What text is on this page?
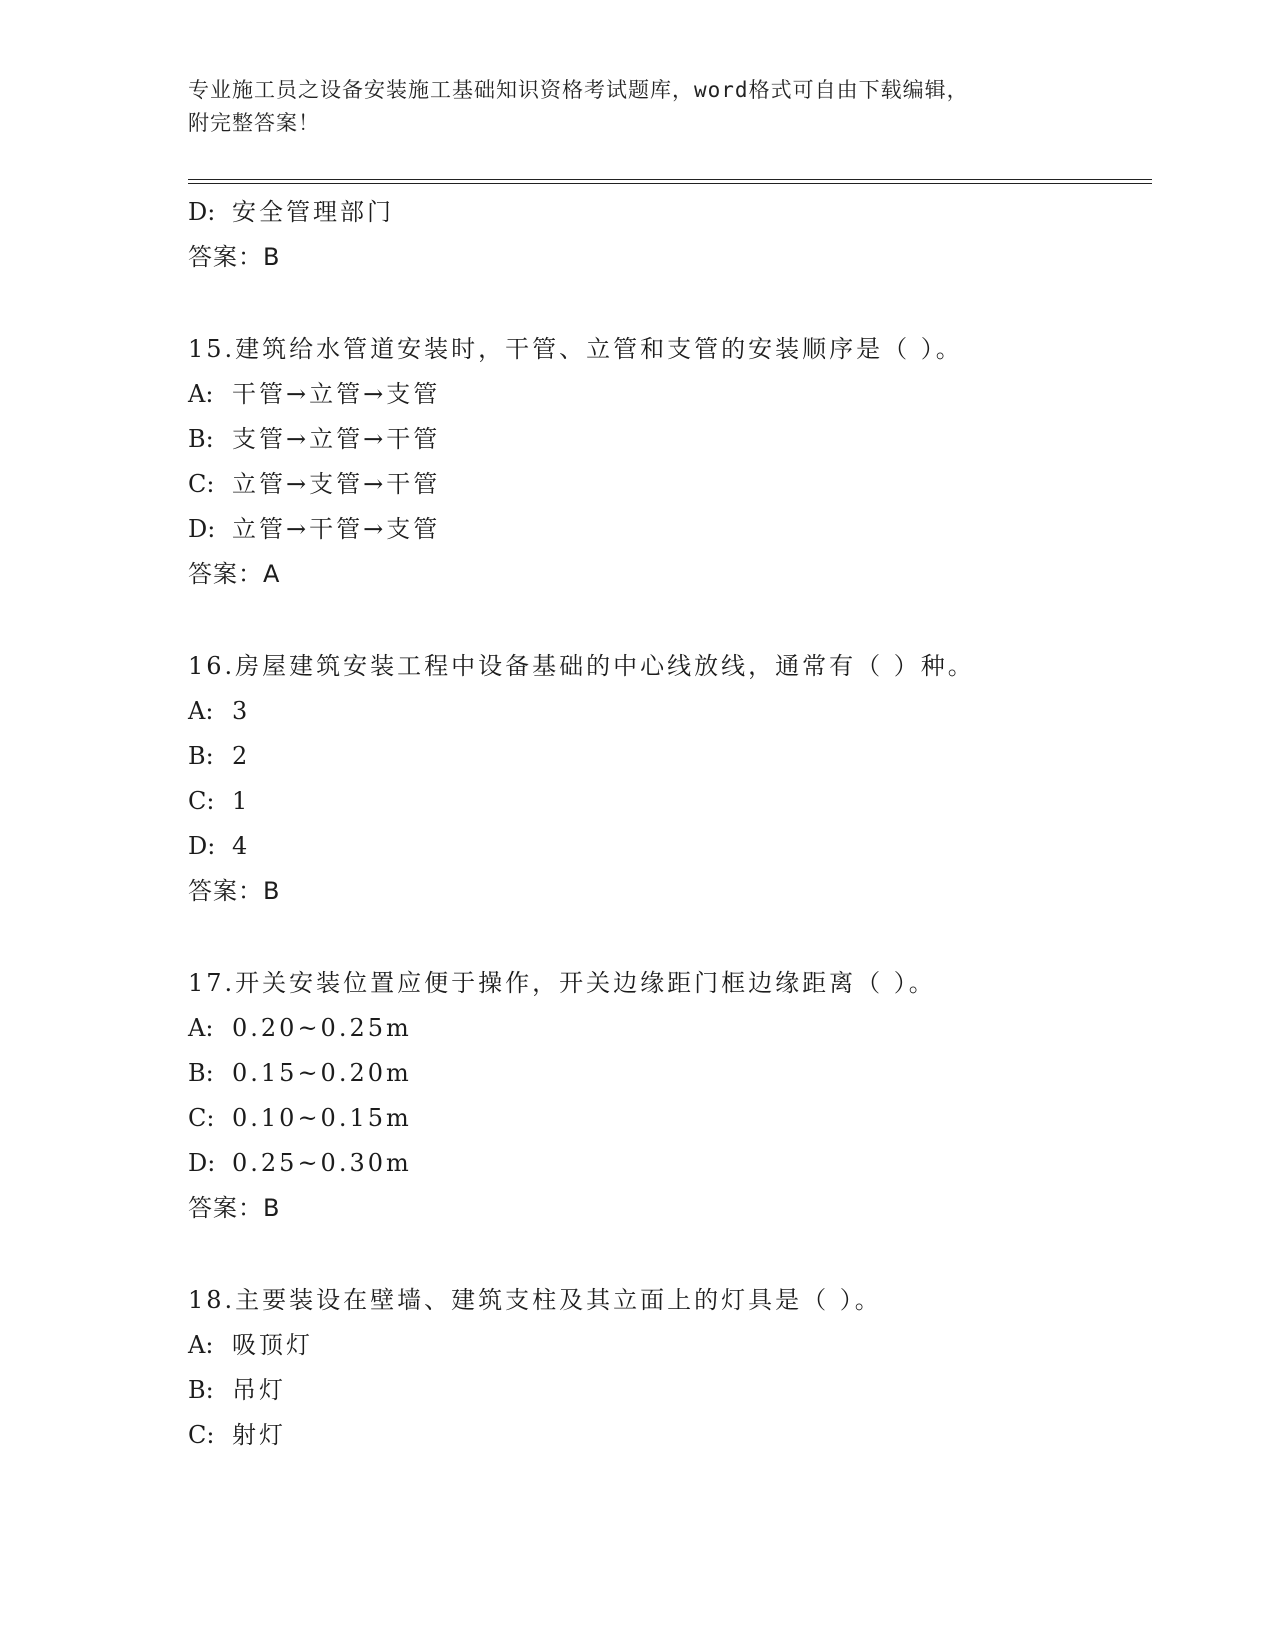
专业施工员之设备安装施工基础知识资格考试题库，word格式可自由下载编辑，
附完整答案！
D: 安全管理部门
答案：B
15.建筑给水管道安装时，干管、立管和支管的安装顺序是（ ）。
A: 干管→立管→支管
B: 支管→立管→干管
C: 立管→支管→干管
D: 立管→干管→支管
答案：A
16.房屋建筑安装工程中设备基础的中心线放线，通常有（ ）种。
A: 3
B: 2
C: 1
D: 4
答案：B
17.开关安装位置应便于操作，开关边缘距门框边缘距离（ ）。
A: 0.20~0.25m
B: 0.15~0.20m
C: 0.10~0.15m
D: 0.25~0.30m
答案：B
18.主要装设在壁墙、建筑支柱及其立面上的灯具是（ ）。
A: 吸顶灯
B: 吊灯
C: 射灯
